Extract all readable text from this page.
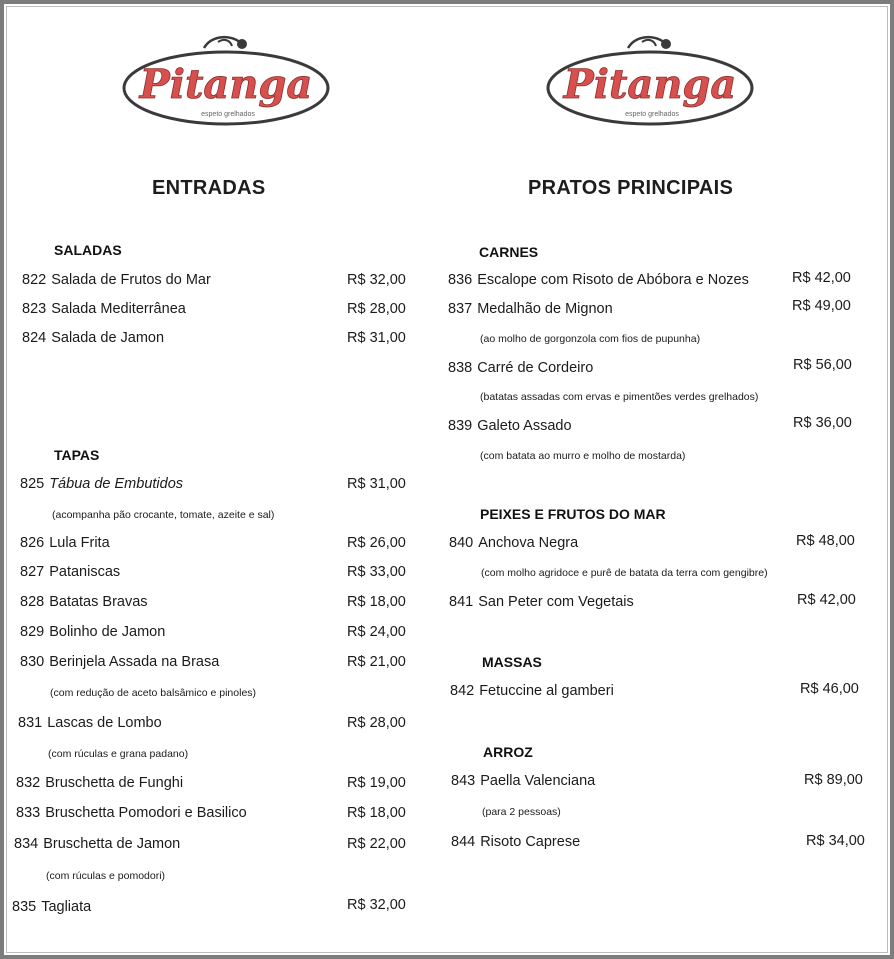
Pitanga
espeto grelhados
Pitanga
espeto grelhados
ENTRADAS	PRATOS PRINCIPAIS
SALADAS
822 Salada de Frutos do Mar	R$ 32,00
823 Salada Mediterrânea	R$ 28,00
824 Salada de Jamon	R$ 31,00
TAPAS
825 Tábua de Embutidos	R$ 31,00
(acompanha pão crocante, tomate, azeite e sal)
826 Lula Frita	R$ 26,00
827 Pataniscas	R$ 33,00
828 Batatas Bravas	R$ 18,00
829 Bolinho de Jamon	R$ 24,00
830 Berinjela Assada na Brasa	R$ 21,00
(com redução de aceto balsâmico e pinoles)
831 Lascas de Lombo	R$ 28,00
(com rúculas e grana padano)
832 Bruschetta de Funghi	R$ 19,00
833 Bruschetta Pomodori e Basilico	R$ 18,00
834 Bruschetta de Jamon	R$ 22,00
(com rúculas e pomodori)
835 Tagliata	R$ 32,00
CARNES
836 Escalope com Risoto de Abóbora e Nozes	R$ 42,00
837 Medalhão de Mignon	R$ 49,00
(ao molho de gorgonzola com fios de pupunha)
838 Carré de Cordeiro	R$ 56,00
(batatas assadas com ervas e pimentões verdes grelhados)
839 Galeto Assado	R$ 36,00
(com batata ao murro e molho de mostarda)
PEIXES E FRUTOS DO MAR
840 Anchova Negra	R$ 48,00
(com molho agridoce e purê de batata da terra com gengibre)
841 San Peter com Vegetais	R$ 42,00
MASSAS
842 Fetuccine al gamberi	R$ 46,00
ARROZ
843 Paella Valenciana	R$ 89,00
(para 2 pessoas)
844 Risoto Caprese	R$ 34,00
